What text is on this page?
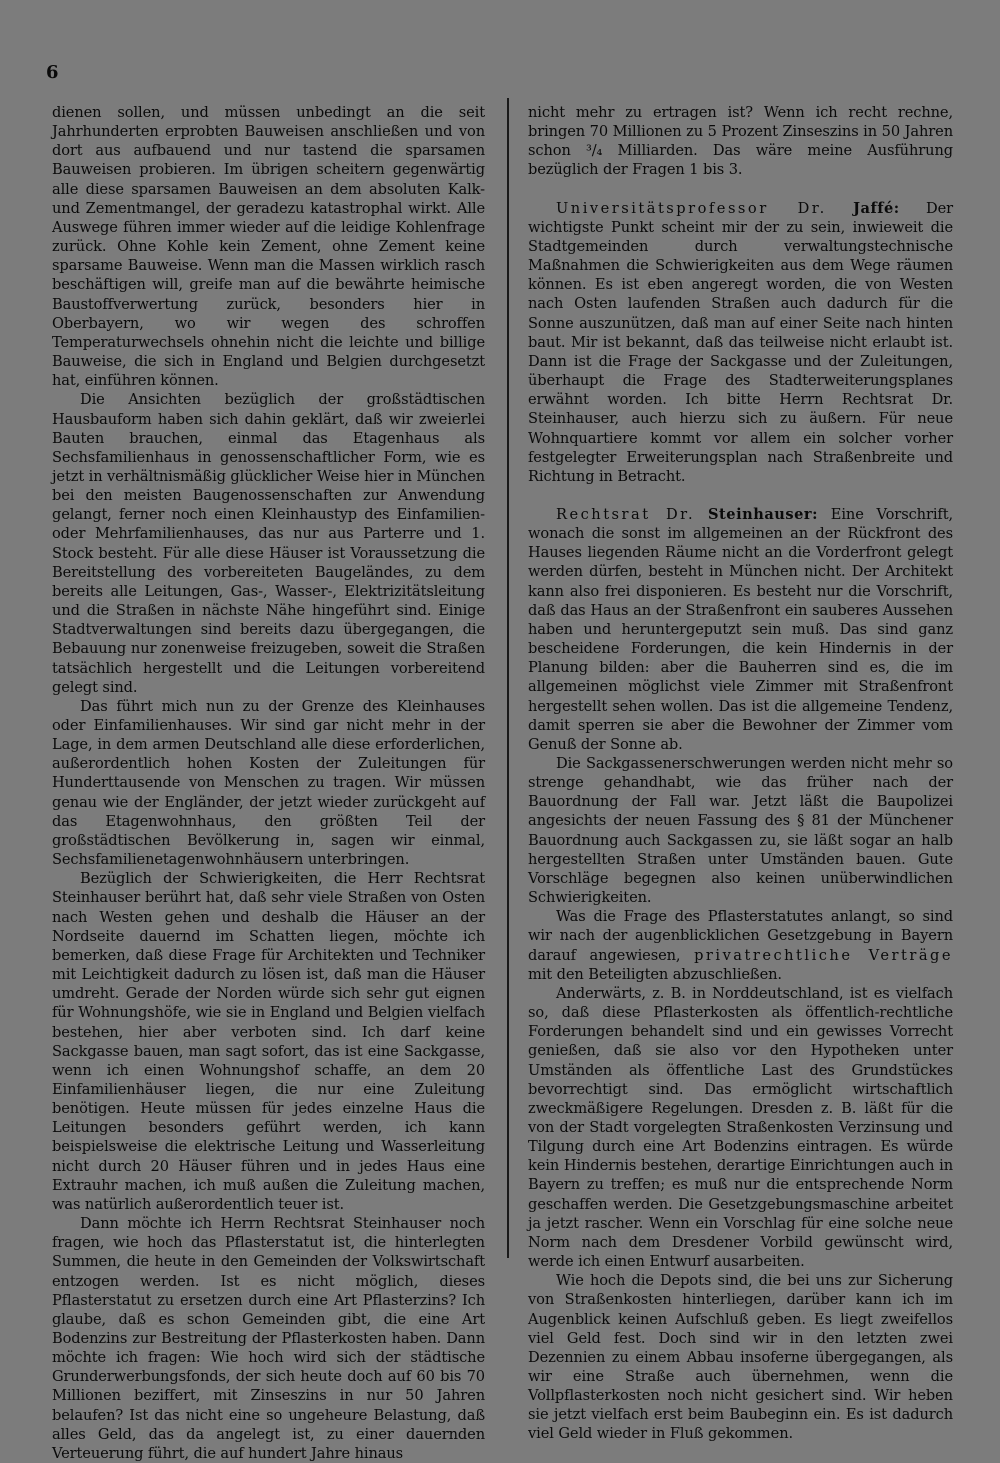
6

dienen sollen, und müssen unbedingt an die seit Jahrhunderten erprobten Bauweisen anschließen und von dort aus aufbauend und nur tastend die sparsamen Bauweisen probieren. Im übrigen scheitern gegenwärtig alle diese sparsamen Bauweisen an dem absoluten Kalk- und Zementmangel, der geradezu katastrophal wirkt. Alle Auswege führen immer wieder auf die leidige Kohlenfrage zurück. Ohne Kohle kein Zement, ohne Zement keine sparsame Bauweise. Wenn man die Massen wirklich rasch beschäftigen will, greife man auf die bewährte heimische Baustoffverwertung zurück, besonders hier in Oberbayern, wo wir wegen des schroffen Temperaturwechsels ohnehin nicht die leichte und billige Bauweise, die sich in England und Belgien durchgesetzt hat, einführen können.

Die Ansichten bezüglich der großstädtischen Hausbauform haben sich dahin geklärt, daß wir zweierlei Bauten brauchen, einmal das Etagenhaus als Sechsfamilienhaus in genossenschaftlicher Form, wie es jetzt in verhältnismäßig glücklicher Weise hier in München bei den meisten Baugenossenschaften zur Anwendung gelangt, ferner noch einen Kleinhaustyp des Einfamilien- oder Mehrfamilienhauses, das nur aus Parterre und 1. Stock besteht. Für alle diese Häuser ist Voraussetzung die Bereitstellung des vorbereiteten Baugeländes, zu dem bereits alle Leitungen, Gas-, Wasser-, Elektrizitätsleitung und die Straßen in nächste Nähe hingeführt sind. Einige Stadtverwaltungen sind bereits dazu übergegangen, die Bebauung nur zonenweise freizugeben, soweit die Straßen tatsächlich hergestellt und die Leitungen vorbereitend gelegt sind.

Das führt mich nun zu der Grenze des Kleinhauses oder Einfamilienhauses. Wir sind gar nicht mehr in der Lage, in dem armen Deutschland alle diese erforderlichen, außerordentlich hohen Kosten der Zuleitungen für Hunderttausende von Menschen zu tragen. Wir müssen genau wie der Engländer, der jetzt wieder zurückgeht auf das Etagenwohnhaus, den größten Teil der großstädtischen Bevölkerung in, sagen wir einmal, Sechsfamilienetagenwohnhäusern unterbringen.

Bezüglich der Schwierigkeiten, die Herr Rechtsrat Steinhauser berührt hat, daß sehr viele Straßen von Osten nach Westen gehen und deshalb die Häuser an der Nordseite dauernd im Schatten liegen, möchte ich bemerken, daß diese Frage für Architekten und Techniker mit Leichtigkeit dadurch zu lösen ist, daß man die Häuser umdreht. Gerade der Norden würde sich sehr gut eignen für Wohnungshöfe, wie sie in England und Belgien vielfach bestehen, hier aber verboten sind. Ich darf keine Sackgasse bauen, man sagt sofort, das ist eine Sackgasse, wenn ich einen Wohnungshof schaffe, an dem 20 Einfamilienhäuser liegen, die nur eine Zuleitung benötigen. Heute müssen für jedes einzelne Haus die Leitungen besonders geführt werden, ich kann beispielsweise die elektrische Leitung und Wasserleitung nicht durch 20 Häuser führen und in jedes Haus eine Extrauhr machen, ich muß außen die Zuleitung machen, was natürlich außerordentlich teuer ist.

Dann möchte ich Herrn Rechtsrat Steinhauser noch fragen, wie hoch das Pflasterstatut ist, die hinterlegten Summen, die heute in den Gemeinden der Volkswirtschaft entzogen werden. Ist es nicht möglich, dieses Pflasterstatut zu ersetzen durch eine Art Pflasterzins? Ich glaube, daß es schon Gemeinden gibt, die eine Art Bodenzins zur Bestreitung der Pflasterkosten haben. Dann möchte ich fragen: Wie hoch wird sich der städtische Grunderwerbungsfonds, der sich heute doch auf 60 bis 70 Millionen beziffert, mit Zinseszins in nur 50 Jahren belaufen? Ist das nicht eine so ungeheure Belastung, daß alles Geld, das da angelegt ist, zu einer dauernden Verteuerung führt, die auf hundert Jahre hinaus

nicht mehr zu ertragen ist? Wenn ich recht rechne, bringen 70 Millionen zu 5 Prozent Zinseszins in 50 Jahren schon ³/₄ Milliarden. Das wäre meine Ausführung bezüglich der Fragen 1 bis 3.

Universitätsprofessor Dr. Jaffé: Der wichtigste Punkt scheint mir der zu sein, inwieweit die Stadtgemeinden durch verwaltungstechnische Maßnahmen die Schwierigkeiten aus dem Wege räumen können. Es ist eben angeregt worden, die von Westen nach Osten laufenden Straßen auch dadurch für die Sonne auszunützen, daß man auf einer Seite nach hinten baut. Mir ist bekannt, daß das teilweise nicht erlaubt ist. Dann ist die Frage der Sackgasse und der Zuleitungen, überhaupt die Frage des Stadterweiterungsplanes erwähnt worden. Ich bitte Herrn Rechtsrat Dr. Steinhauser, auch hierzu sich zu äußern. Für neue Wohnquartiere kommt vor allem ein solcher vorher festgelegter Erweiterungsplan nach Straßenbreite und Richtung in Betracht.

Rechtsrat Dr. Steinhauser: Eine Vorschrift, wonach die sonst im allgemeinen an der Rückfront des Hauses liegenden Räume nicht an die Vorderfront gelegt werden dürfen, besteht in München nicht. Der Architekt kann also frei disponieren. Es besteht nur die Vorschrift, daß das Haus an der Straßenfront ein sauberes Aussehen haben und heruntergeputzt sein muß. Das sind ganz bescheidene Forderungen, die kein Hindernis in der Planung bilden: aber die Bauherren sind es, die im allgemeinen möglichst viele Zimmer mit Straßenfront hergestellt sehen wollen. Das ist die allgemeine Tendenz, damit sperren sie aber die Bewohner der Zimmer vom Genuß der Sonne ab.

Die Sackgassenerschwerungen werden nicht mehr so strenge gehandhabt, wie das früher nach der Bauordnung der Fall war. Jetzt läßt die Baupolizei angesichts der neuen Fassung des § 81 der Münchener Bauordnung auch Sackgassen zu, sie läßt sogar an halb hergestellten Straßen unter Umständen bauen. Gute Vorschläge begegnen also keinen unüberwindlichen Schwierigkeiten.

Was die Frage des Pflasterstatutes anlangt, so sind wir nach der augenblicklichen Gesetzgebung in Bayern darauf angewiesen, privatrechtliche Verträge mit den Beteiligten abzuschließen.

Anderwärts, z. B. in Norddeutschland, ist es vielfach so, daß diese Pflasterkosten als öffentlich-rechtliche Forderungen behandelt sind und ein gewisses Vorrecht genießen, daß sie also vor den Hypotheken unter Umständen als öffentliche Last des Grundstückes bevorrechtigt sind. Das ermöglicht wirtschaftlich zweckmäßigere Regelungen. Dresden z. B. läßt für die von der Stadt vorgelegten Straßenkosten Verzinsung und Tilgung durch eine Art Bodenzins eintragen. Es würde kein Hindernis bestehen, derartige Einrichtungen auch in Bayern zu treffen; es muß nur die entsprechende Norm geschaffen werden. Die Gesetzgebungsmaschine arbeitet ja jetzt rascher. Wenn ein Vorschlag für eine solche neue Norm nach dem Dresdener Vorbild gewünscht wird, werde ich einen Entwurf ausarbeiten.

Wie hoch die Depots sind, die bei uns zur Sicherung von Straßenkosten hinterliegen, darüber kann ich im Augenblick keinen Aufschluß geben. Es liegt zweifellos viel Geld fest. Doch sind wir in den letzten zwei Dezennien zu einem Abbau insoferne übergegangen, als wir eine Straße auch übernehmen, wenn die Vollpflasterkosten noch nicht gesichert sind. Wir heben sie jetzt vielfach erst beim Baubeginn ein. Es ist dadurch viel Geld wieder in Fluß gekommen.
